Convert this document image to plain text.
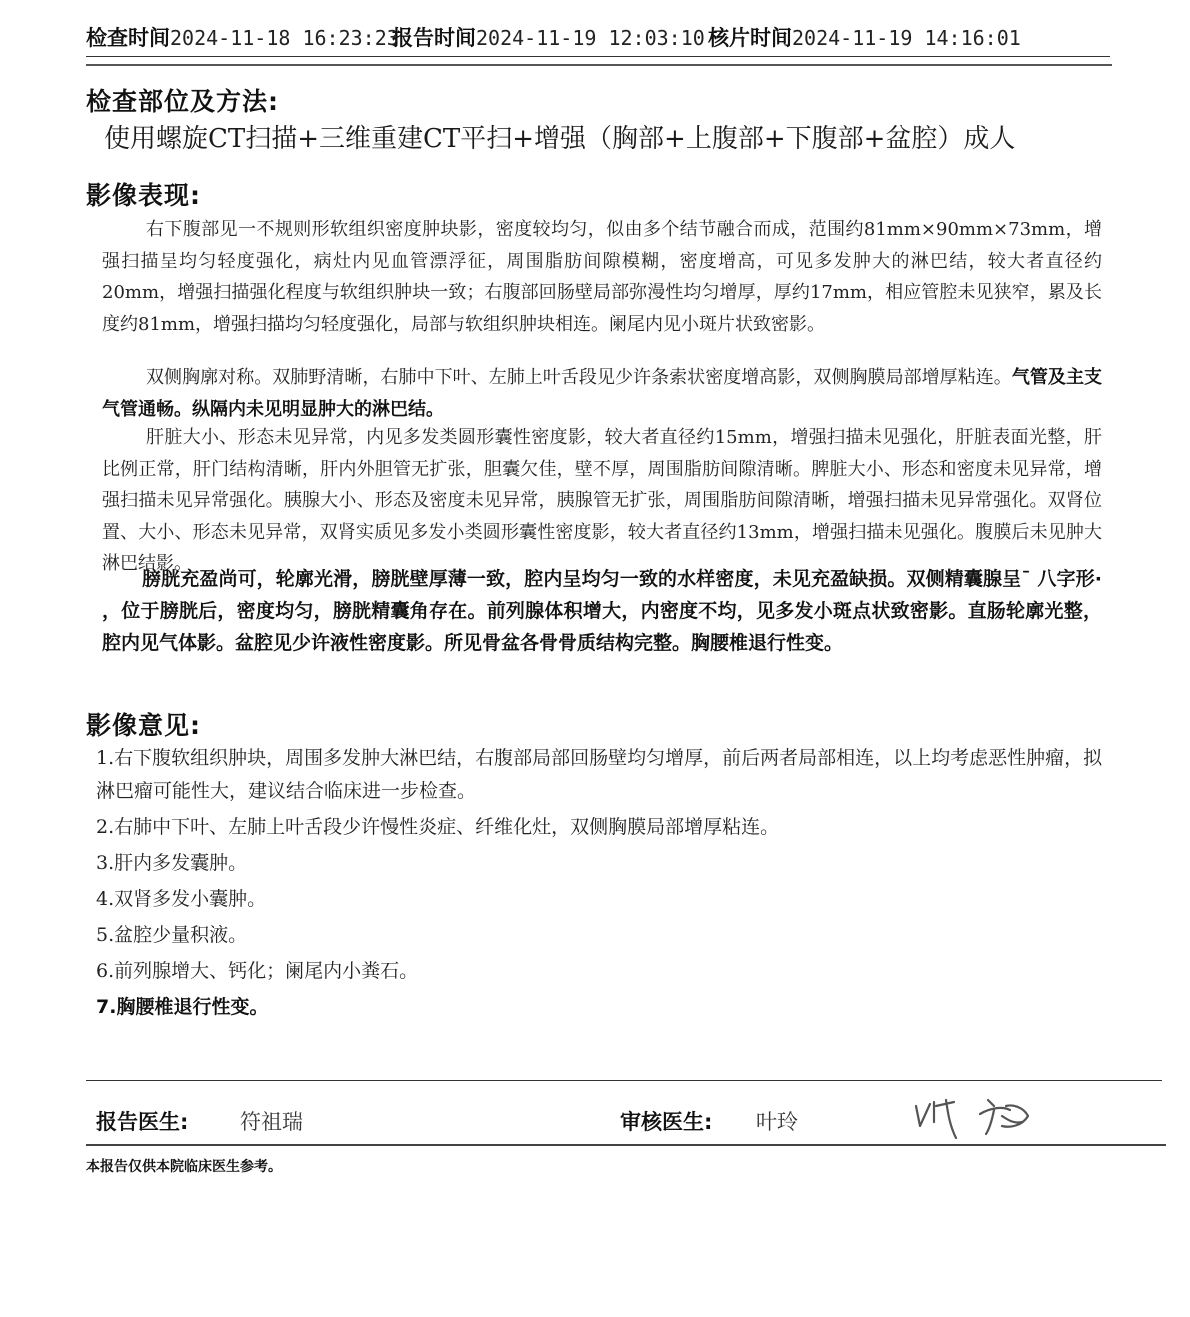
检查时间 2024-11-18 16:23:23
报告时间 2024-11-19 12:03:10 核片时间 2024-11-19 14:16:01
检查部位及方法:
使用螺旋CT扫描+三维重建CT平扫+增强（胸部+上腹部+下腹部+盆腔）成人
影像表现:

右下腹部见一不规则形软组织密度肿块影，密度较均匀，似由多个结节融合而成，范围约81mm×90mm×73mm，增强扫描呈均匀轻度强化，病灶内见血管漂浮征，周围脂肪间隙模糊，密度增高，可见多发肿大的淋巴结，较大者直径约20mm，增强扫描强化程度与软组织肿块一致；右腹部回肠壁局部弥漫性均匀增厚，厚约17mm，相应管腔未见狭窄，累及长度约81mm，增强扫描均匀轻度强化，局部与软组织肿块相连。阑尾内见小斑片状致密影。

双侧胸廓对称。双肺野清晰，右肺中下叶、左肺上叶舌段见少许条索状密度增高影，双侧胸膜局部增厚粘连。气管及主支气管通畅。纵隔内未见明显肿大的淋巴结。

肝脏大小、形态未见异常，内见多发类圆形囊性密度影，较大者直径约15mm，增强扫描未见强化，肝脏表面光整，肝比例正常，肝门结构清晰，肝内外胆管无扩张，胆囊欠佳，壁不厚，周围脂肪间隙清晰。脾脏大小、形态和密度未见异常，增强扫描未见异常强化。胰腺大小、形态及密度未见异常，胰腺管无扩张，周围脂肪间隙清晰，增强扫描未见异常强化。双肾位置、大小、形态未见异常，双肾实质见多发小类圆形囊性密度影，较大者直径约13mm，增强扫描未见强化。腹膜后未见肿大淋巴结影。

膀胱充盈尚可，轮廓光滑，膀胱壁厚薄一致，腔内呈均匀一致的水样密度，未见充盈缺损。双侧精囊腺呈¯ 八字形· ，位于膀胱后，密度均匀，膀胱精囊角存在。前列腺体积增大，内密度不均，见多发小斑点状致密影。直肠轮廓光整，腔内见气体影。盆腔见少许液性密度影。所见骨盆各骨骨质结构完整。胸腰椎退行性变。

影像意见:
1.右下腹软组织肿块，周围多发肿大淋巴结，右腹部局部回肠壁均匀增厚，前后两者局部相连，以上均考虑恶性肿瘤，拟淋巴瘤可能性大，建议结合临床进一步检查。
2.右肺中下叶、左肺上叶舌段少许慢性炎症、纤维化灶，双侧胸膜局部增厚粘连。
3.肝内多发囊肿。
4.双肾多发小囊肿。
5.盆腔少量积液。
6.前列腺增大、钙化；阑尾内小粪石。
7.胸腰椎退行性变。
报告医生: 符祖瑞	审核医生: 叶玲
本报告仅供本院临床医生参考。
